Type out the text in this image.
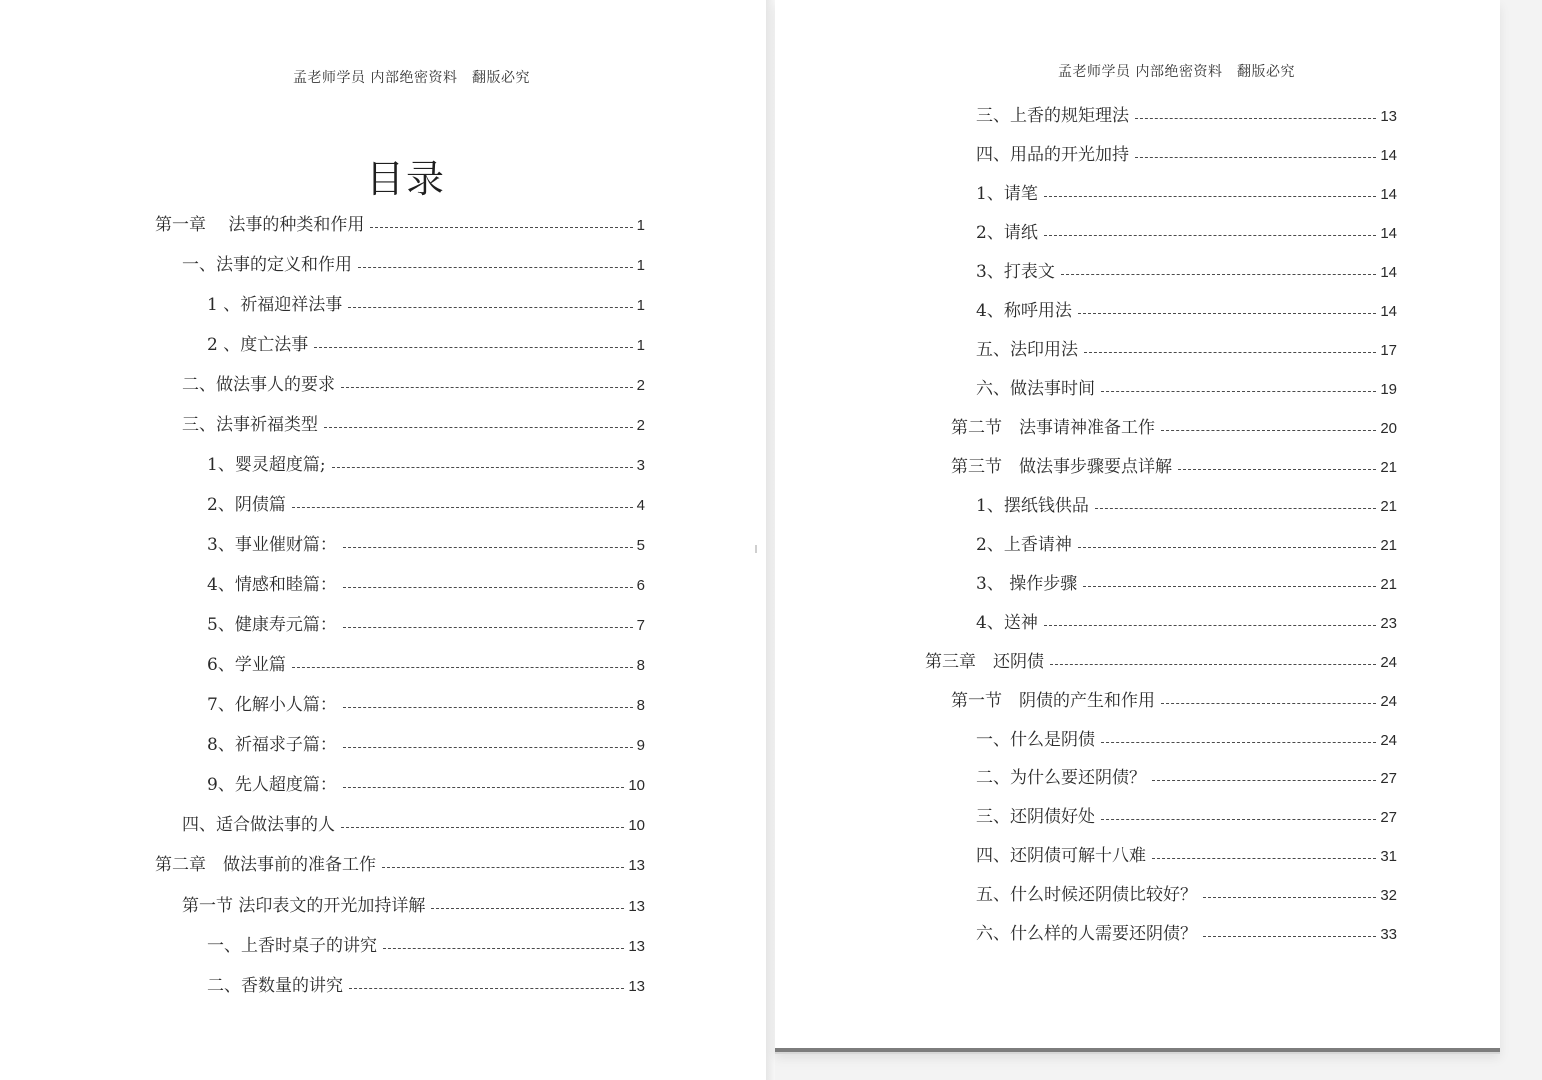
孟老师学员 内部绝密资料　翻版必究
目录
第一章　 法事的种类和作用	1
一、法事的定义和作用	1
1 、祈福迎祥法事	1
2 、度亡法事	1
二、做法事人的要求	2
三、法事祈福类型	2
1、婴灵超度篇;	3
2、阴债篇	4
3、事业催财篇：	5
4、情感和睦篇：	6
5、健康寿元篇：	7
6、学业篇	8
7、化解小人篇：	8
8、祈福求子篇：	9
9、先人超度篇：	10
四、适合做法事的人	10
第二章　做法事前的准备工作	13
第一节 法印表文的开光加持详解	13
一、上香时桌子的讲究	13
二、香数量的讲究	13
孟老师学员 内部绝密资料　翻版必究
三、上香的规矩理法	13
四、用品的开光加持	14
1、请笔	14
2、请纸	14
3、打表文	14
4、称呼用法	14
五、法印用法	17
六、做法事时间	19
第二节　法事请神准备工作	20
第三节　做法事步骤要点详解	21
1、摆纸钱供品	21
2、上香请神	21
3、 操作步骤	21
4、送神	23
第三章　还阴债	24
第一节　阴债的产生和作用	24
一、什么是阴债	24
二、为什么要还阴债？	27
三、还阴债好处	27
四、还阴债可解十八难	31
五、什么时候还阴债比较好？	32
六、什么样的人需要还阴债？	33
